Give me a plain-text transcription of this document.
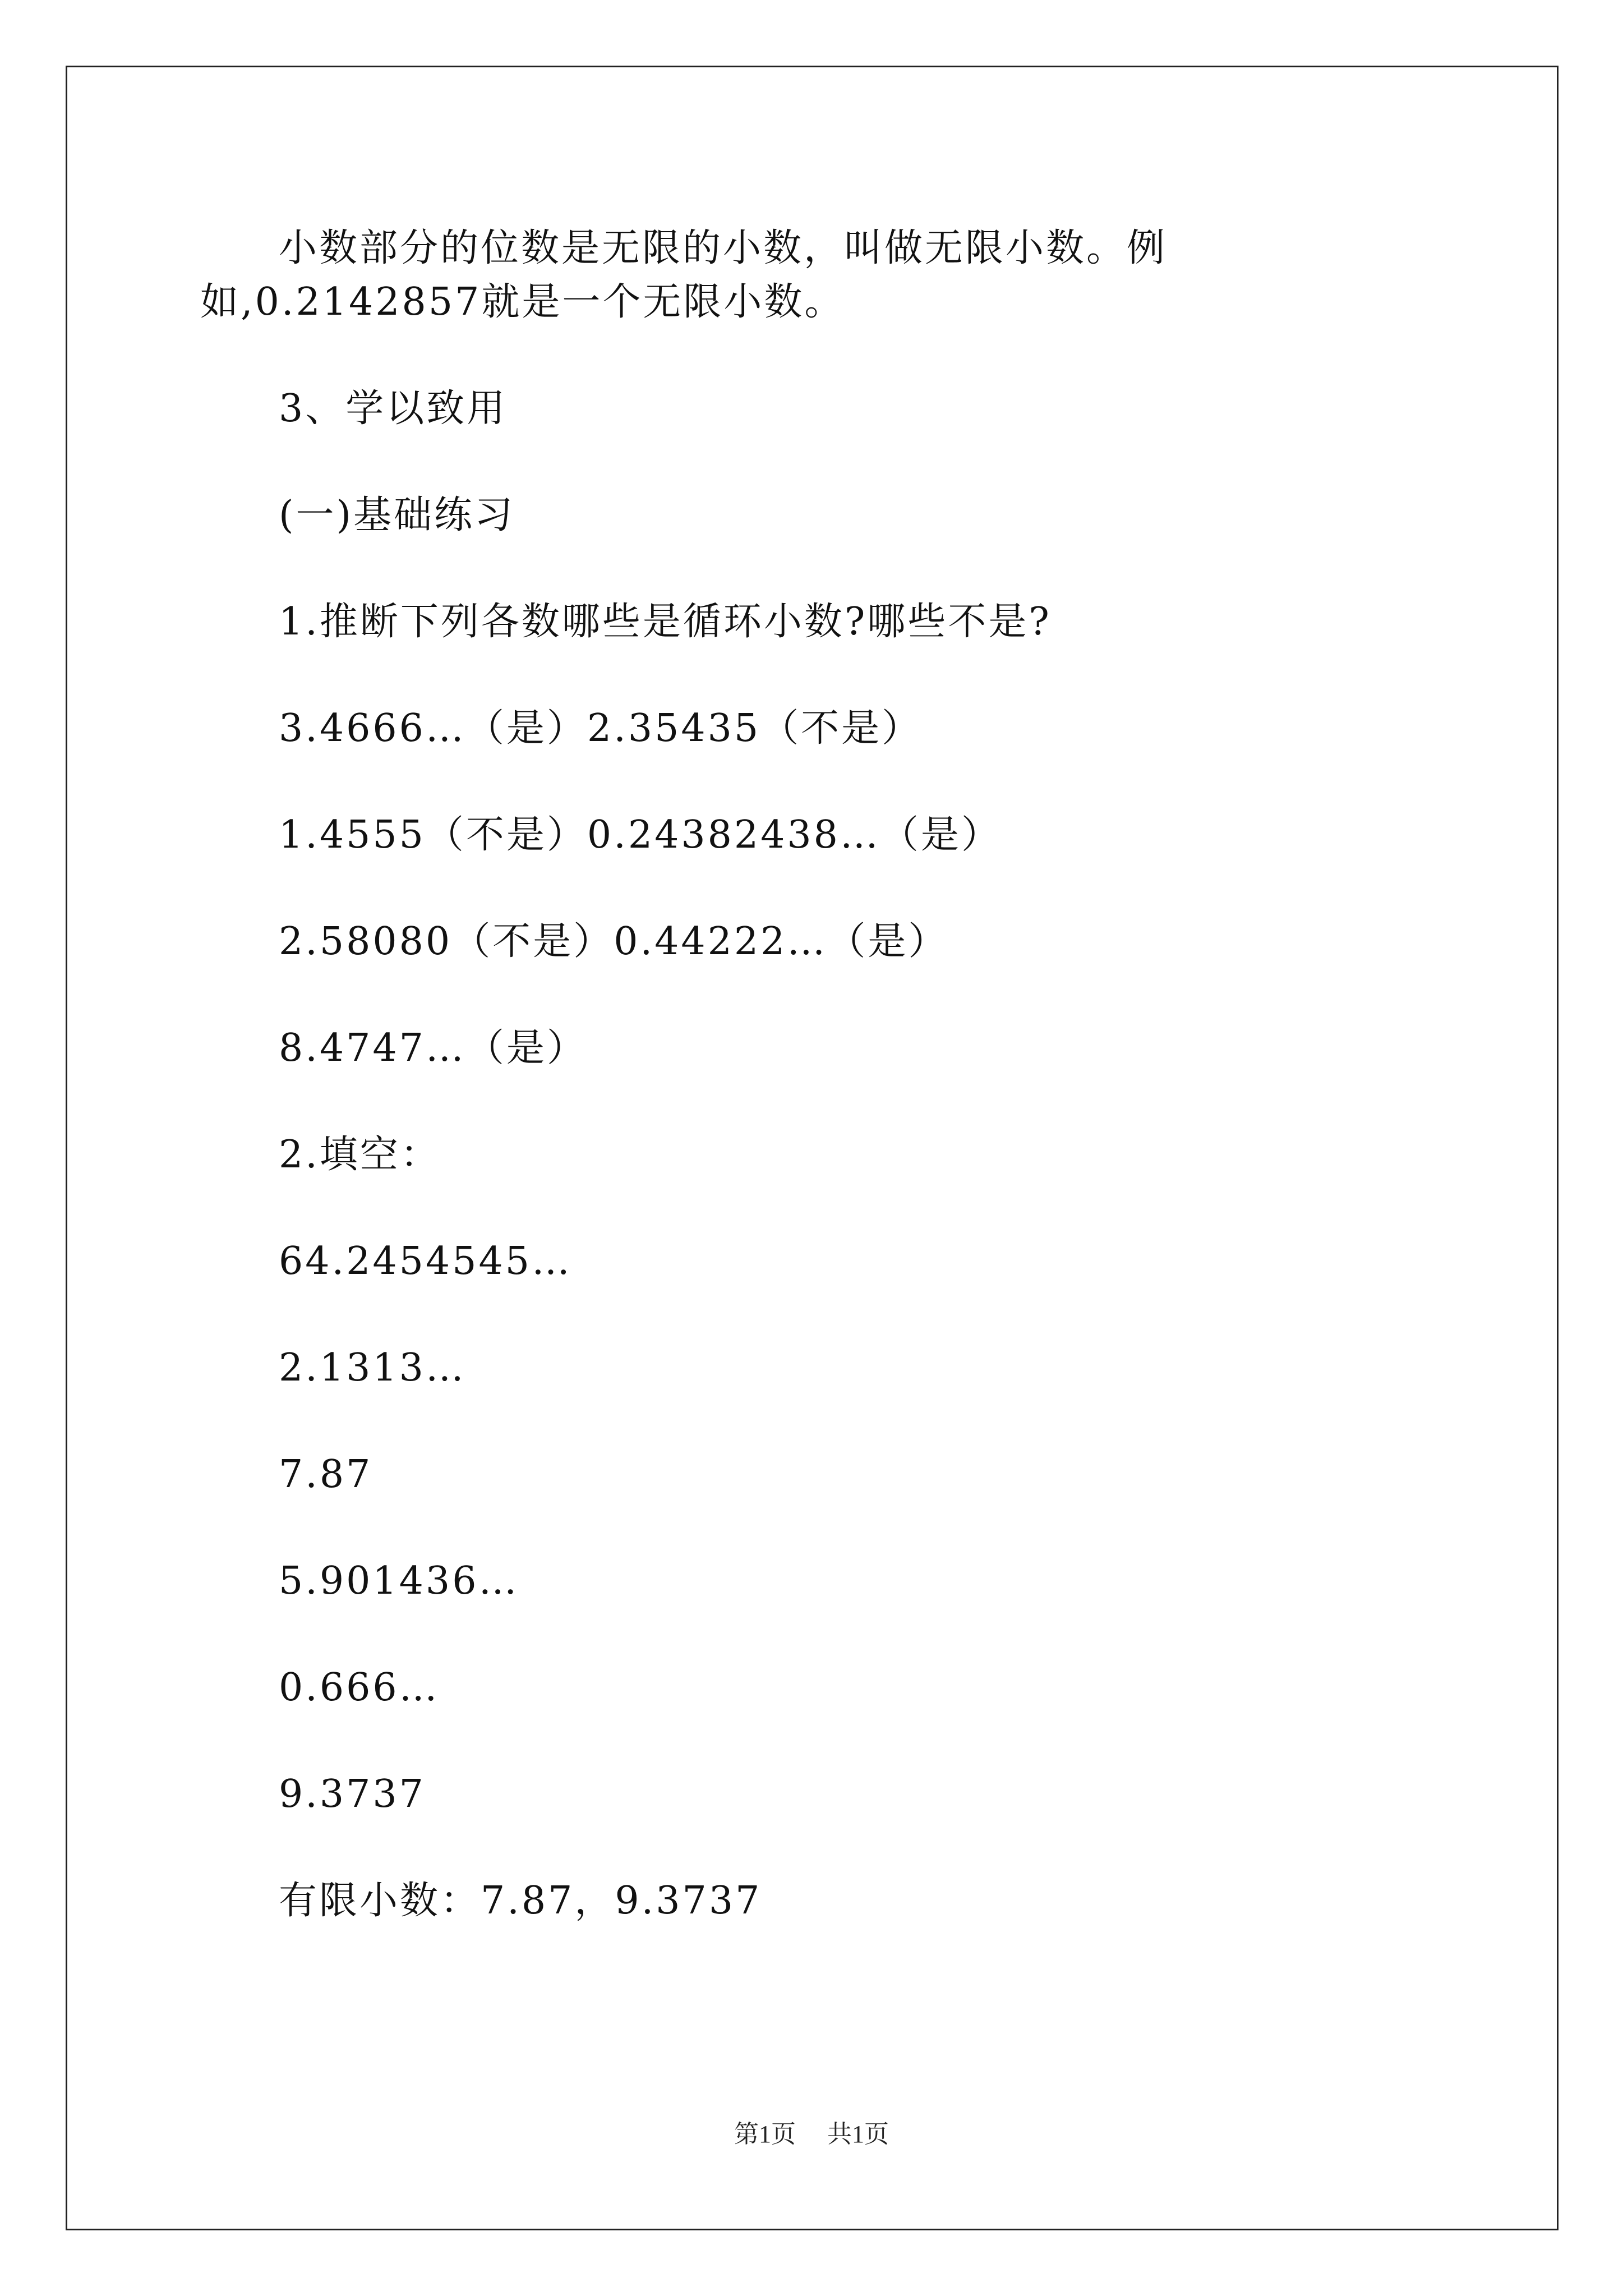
小数部分的位数是无限的小数，叫做无限小数。例如,0.2142857就是一个无限小数。

3、学以致用

(一)基础练习

1.推断下列各数哪些是循环小数?哪些不是?

3.4666…（是）2.35435（不是）

1.4555（不是）0.24382438…（是）

2.58080（不是）0.44222…（是）

8.4747…（是）

2.填空：

64.2454545…

2.1313…

7.87

5.901436…

0.666…

9.3737

有限小数：7.87，9.3737

第1页 共1页
